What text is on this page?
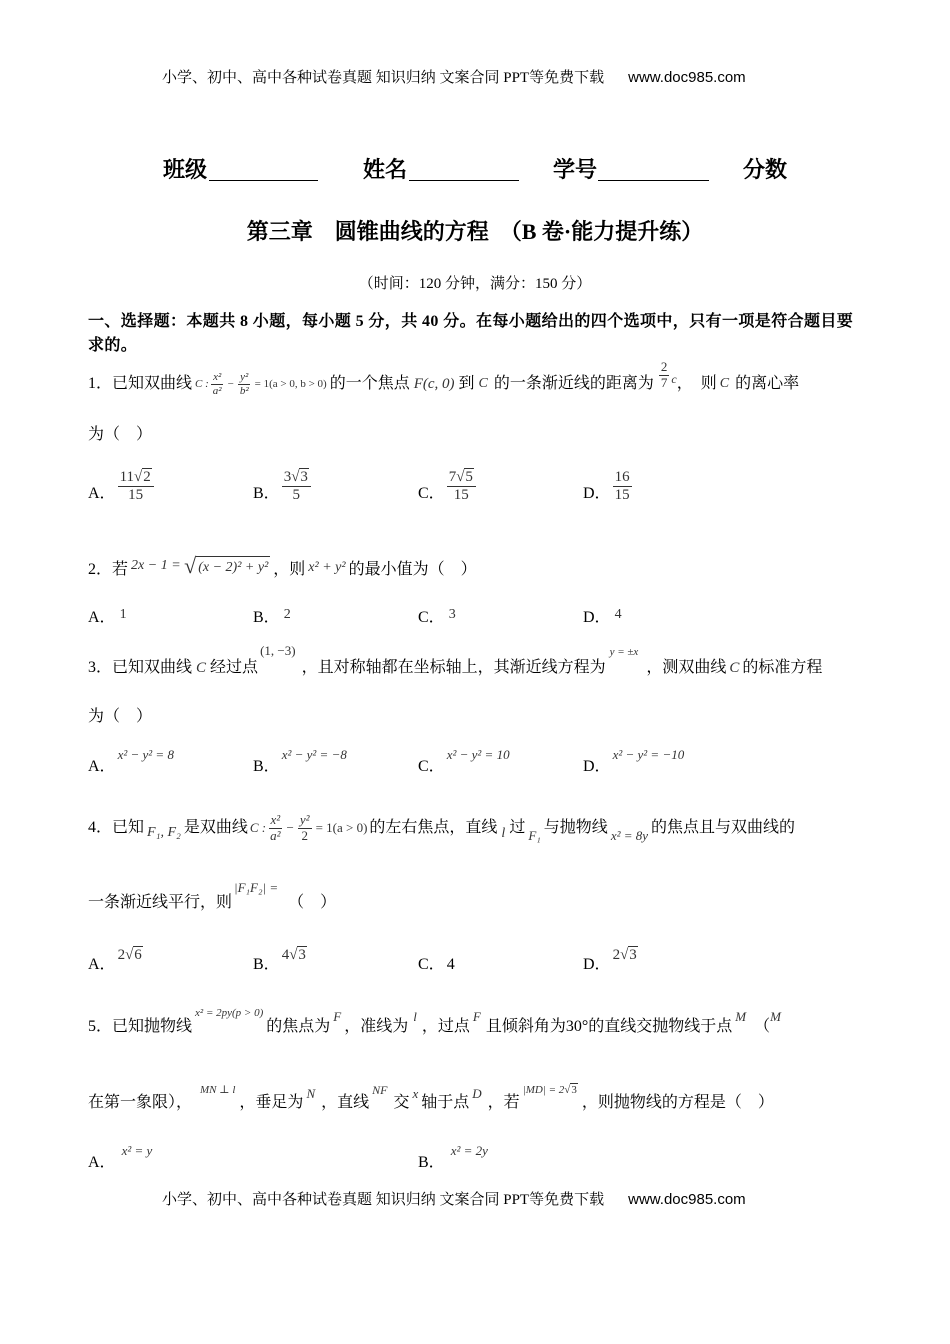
小学、初中、高中各种试卷真题 知识归纳 文案合同 PPT等免费下载 www.doc985.com
班级	姓名	学号	分数
第三章　圆锥曲线的方程　（B 卷·能力提升练）
（时间：120 分钟，满分：150 分）
一、选择题：本题共 8 小题，每小题 5 分，共 40 分。在每小题给出的四个选项中，只有一项是符合题目要
求的。
1． 已知双曲线 C : $\frac{\text{x²}}{\text{a²}} - \frac{\text{y²}}{\text{b²}} = 1(a > 0$, b > 0) 的一个焦点 F(c, 0) 到 C 的一条渐近线的距离为 $\frac{2}{7}$ c ，　则 C 的离心率
为（　）
A． $\frac{11√2}{15}$	B． $\frac{3√3}{5}$	C． $\frac{7√5}{15}$	D． $\frac{16}{15}$
2． 若 2x − 1 = √ (x − 2)² + y² ，则 x² + y² 的最小值为（　）
A． 1	B． 2	C． 3	D． 4
3． 已知双曲线 C 经过点
(1, −3)
，且对称轴都在坐标轴上，其渐近线方程为
y = ±x
，测双曲线 C 的标准方程
为（　）
A．
x² − y² = 8
B．
x² − y² = −8
C．
x² − y² = 10
D．
x² − y² = −10
4． 已知 F₁, F₂ 是双曲线 C : $\frac{\text{x²}}{\text{a²}} - \frac{\text{y²}}{2} = 1(a > 0)$ 的左右焦点，直线 l 过 F₁ 与抛物线 x² = 8y 的焦点且与双曲线的
一条渐近线平行，则
|F₁F₂| =
（　）
A．
2√6
B．
4√3
C． 4	D．
2√3
5． 已知抛物线
x² = 2py(p > 0)
的焦点为
F
，准线为
l
，过点
F
且倾斜角为30°的直线交抛物线于点
M
（
M
在第一象限），
MN ⊥ l
，垂足为
N
，直线
NF
交
x
轴于点
D
，若
|MD| = 2 √ 3
，则抛物线的方程是（　）
A．
x² = y
B．
x² = 2y
小学、初中、高中各种试卷真题 知识归纳 文案合同 PPT等免费下载 www.doc985.com
